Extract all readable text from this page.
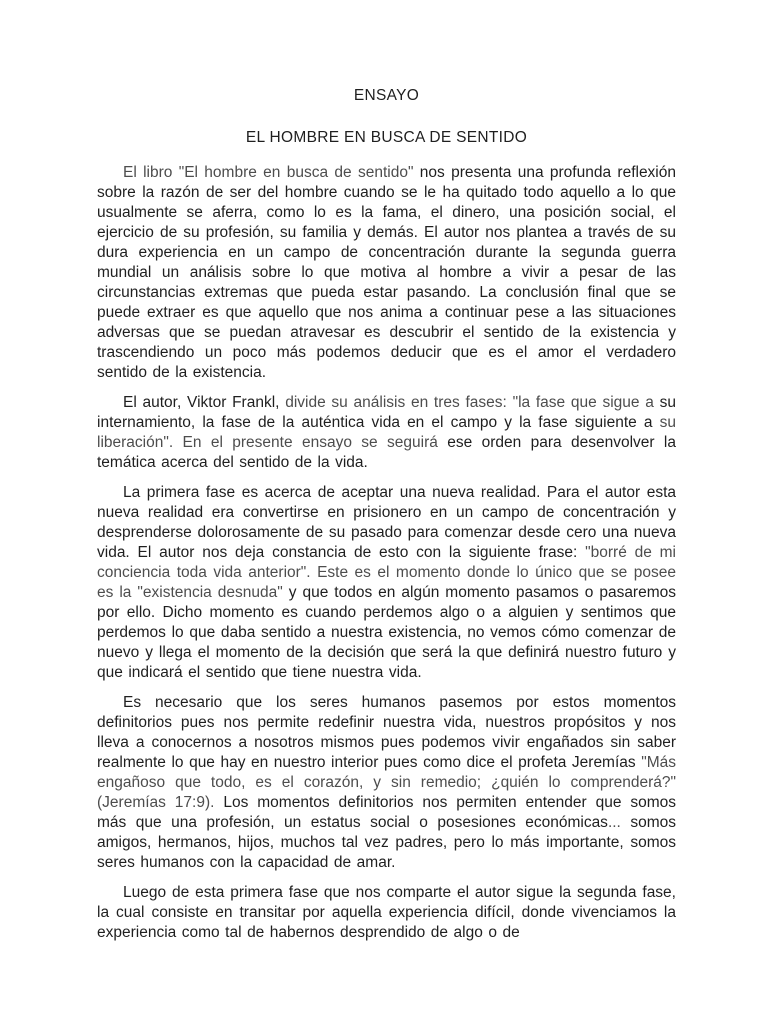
ENSAYO

EL HOMBRE EN BUSCA DE SENTIDO

El libro "El hombre en busca de sentido" nos presenta una profunda reflexión sobre la razón de ser del hombre cuando se le ha quitado todo aquello a lo que usualmente se aferra, como lo es la fama, el dinero, una posición social, el ejercicio de su profesión, su familia y demás. El autor nos plantea a través de su dura experiencia en un campo de concentración durante la segunda guerra mundial un análisis sobre lo que motiva al hombre a vivir a pesar de las circunstancias extremas que pueda estar pasando. La conclusión final que se puede extraer es que aquello que nos anima a continuar pese a las situaciones adversas que se puedan atravesar es descubrir el sentido de la existencia y trascendiendo un poco más podemos deducir que es el amor el verdadero sentido de la existencia.

El autor, Viktor Frankl, divide su análisis en tres fases: "la fase que sigue a su internamiento, la fase de la auténtica vida en el campo y la fase siguiente a su liberación". En el presente ensayo se seguirá ese orden para desenvolver la temática acerca del sentido de la vida.

La primera fase es acerca de aceptar una nueva realidad. Para el autor esta nueva realidad era convertirse en prisionero en un campo de concentración y desprenderse dolorosamente de su pasado para comenzar desde cero una nueva vida. El autor nos deja constancia de esto con la siguiente frase: "borré de mi conciencia toda vida anterior". Este es el momento donde lo único que se posee es la "existencia desnuda" y que todos en algún momento pasamos o pasaremos por ello. Dicho momento es cuando perdemos algo o a alguien y sentimos que perdemos lo que daba sentido a nuestra existencia, no vemos cómo comenzar de nuevo y llega el momento de la decisión que será la que definirá nuestro futuro y que indicará el sentido que tiene nuestra vida.

Es necesario que los seres humanos pasemos por estos momentos definitorios pues nos permite redefinir nuestra vida, nuestros propósitos y nos lleva a conocernos a nosotros mismos pues podemos vivir engañados sin saber realmente lo que hay en nuestro interior pues como dice el profeta Jeremías "Más engañoso que todo, es el corazón, y sin remedio; ¿quién lo comprenderá?" (Jeremías 17:9). Los momentos definitorios nos permiten entender que somos más que una profesión, un estatus social o posesiones económicas... somos amigos, hermanos, hijos, muchos tal vez padres, pero lo más importante, somos seres humanos con la capacidad de amar.

Luego de esta primera fase que nos comparte el autor sigue la segunda fase, la cual consiste en transitar por aquella experiencia difícil, donde vivenciamos la experiencia como tal de habernos desprendido de algo o de
